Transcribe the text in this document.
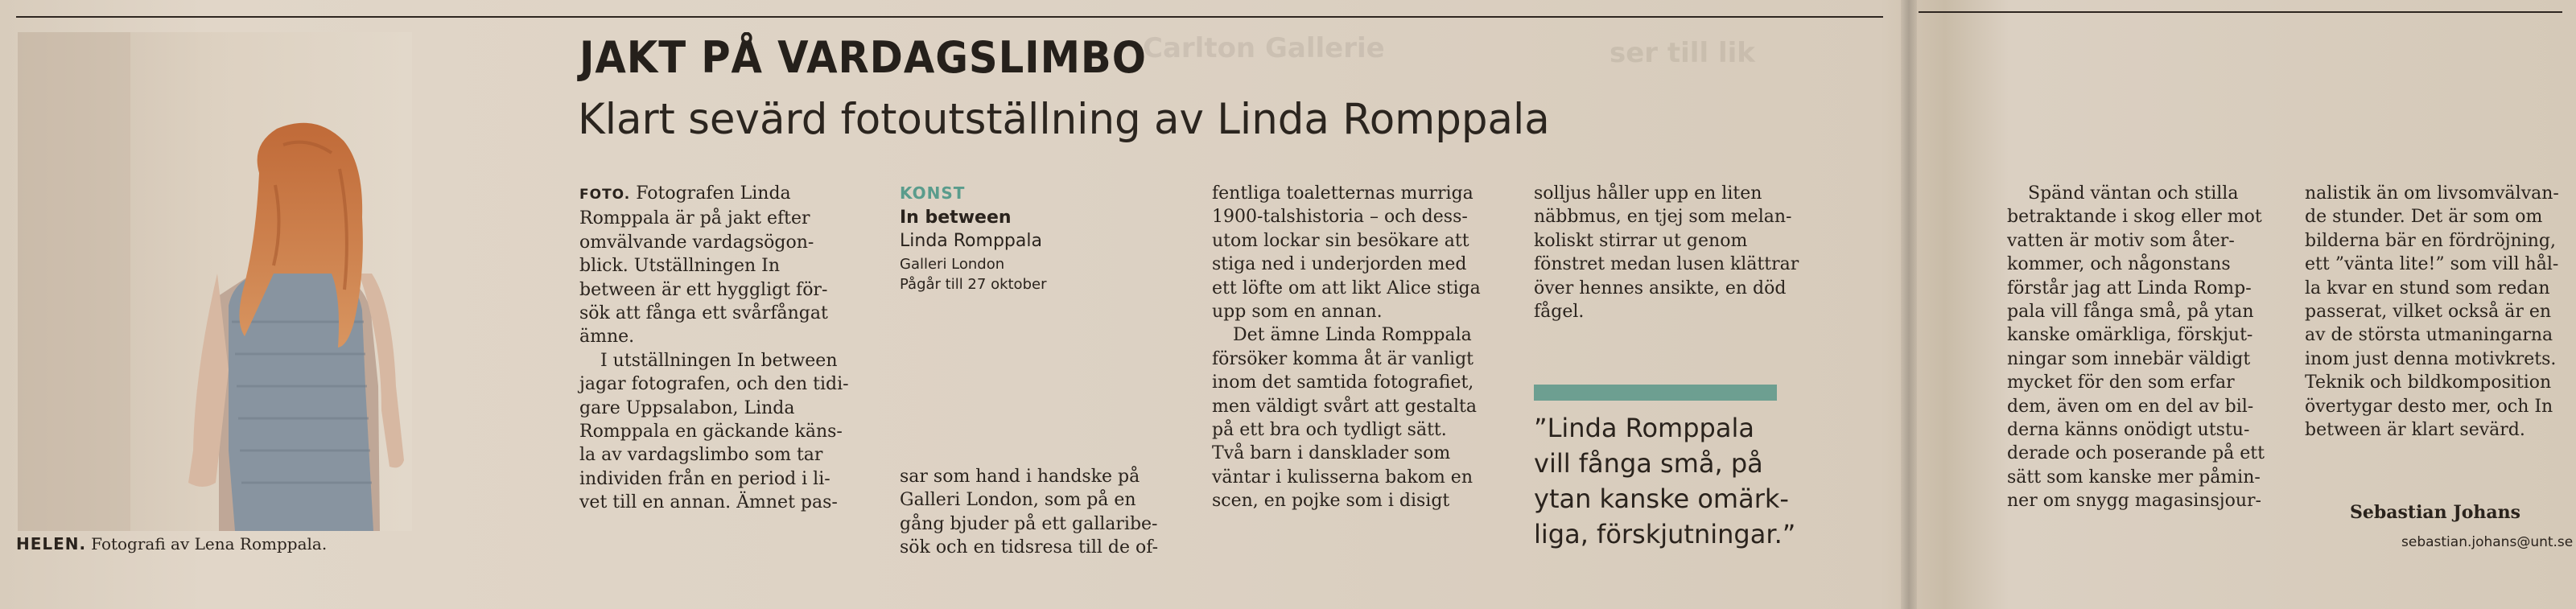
Carlton Gallerie	ser till lik
HELEN. Fotografi av Lena Romppala.
JAKT PÅ VARDAGSLIMBO
Klart sevärd fotoutställning av Linda Romppala
FOTO. Fotografen Linda
Romppala är på jakt efter
omvälvande vardagsögon-
blick. Utställningen In
between är ett hyggligt för-
sök att fånga ett svårfångat
ämne.
I utställningen In between
jagar fotografen, och den tidi-
gare Uppsalabon, Linda
Romppala en gäckande käns-
la av vardagslimbo som tar
individen från en period i li-
vet till en annan. Ämnet pas-
KONST
In between
Linda Romppala
Galleri London
Pågår till 27 oktober
sar som hand i handske på
Galleri London, som på en
gång bjuder på ett gallaribe-
sök och en tidsresa till de of-
fentliga toaletternas murriga
1900-talshistoria – och dess-
utom lockar sin besökare att
stiga ned i underjorden med
ett löfte om att likt Alice stiga
upp som en annan.
Det ämne Linda Romppala
försöker komma åt är vanligt
inom det samtida fotografiet,
men väldigt svårt att gestalta
på ett bra och tydligt sätt.
Två barn i dansklader som
väntar i kulisserna bakom en
scen, en pojke som i disigt
solljus håller upp en liten
näbbmus, en tjej som melan-
koliskt stirrar ut genom
fönstret medan lusen klättrar
över hennes ansikte, en död
fågel.
”Linda Romppala
vill fånga små, på
ytan kanske omärk-
liga, förskjutningar.”
Spänd väntan och stilla
betraktande i skog eller mot
vatten är motiv som åter-
kommer, och någonstans
förstår jag att Linda Romp-
pala vill fånga små, på ytan
kanske omärkliga, förskjut-
ningar som innebär väldigt
mycket för den som erfar
dem, även om en del av bil-
derna känns onödigt utstu-
derade och poserande på ett
sätt som kanske mer påmin-
ner om snygg magasinsjour-
nalistik än om livsomvälvan-
de stunder. Det är som om
bilderna bär en fördröjning,
ett ”vänta lite!” som vill hål-
la kvar en stund som redan
passerat, vilket också är en
av de största utmaningarna
inom just denna motivkrets.
Teknik och bildkomposition
övertygar desto mer, och In
between är klart sevärd.
Sebastian Johans
sebastian.johans@unt.se
